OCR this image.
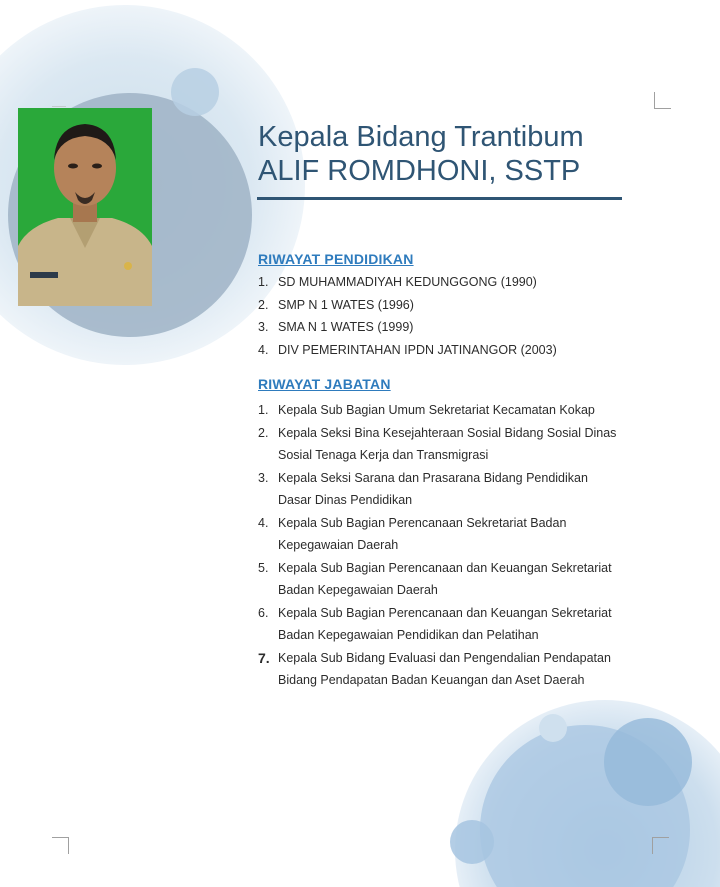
Kepala Bidang Trantibum
ALIF ROMDHONI, SSTP
RIWAYAT PENDIDIKAN
1. SD MUHAMMADIYAH KEDUNGGONG (1990)
2. SMP N 1 WATES (1996)
3. SMA N 1 WATES (1999)
4. DIV PEMERINTAHAN IPDN JATINANGOR (2003)
RIWAYAT JABATAN
1. Kepala Sub Bagian Umum Sekretariat Kecamatan Kokap
2. Kepala Seksi Bina Kesejahteraan Sosial Bidang Sosial Dinas Sosial Tenaga Kerja dan Transmigrasi
3. Kepala Seksi Sarana dan Prasarana Bidang Pendidikan Dasar Dinas Pendidikan
4. Kepala Sub Bagian Perencanaan Sekretariat Badan Kepegawaian Daerah
5. Kepala Sub Bagian Perencanaan dan Keuangan Sekretariat Badan Kepegawaian Daerah
6. Kepala Sub Bagian Perencanaan dan Keuangan Sekretariat Badan Kepegawaian Pendidikan dan Pelatihan
7. Kepala Sub Bidang Evaluasi dan Pengendalian Pendapatan Bidang Pendapatan Badan Keuangan dan Aset Daerah
